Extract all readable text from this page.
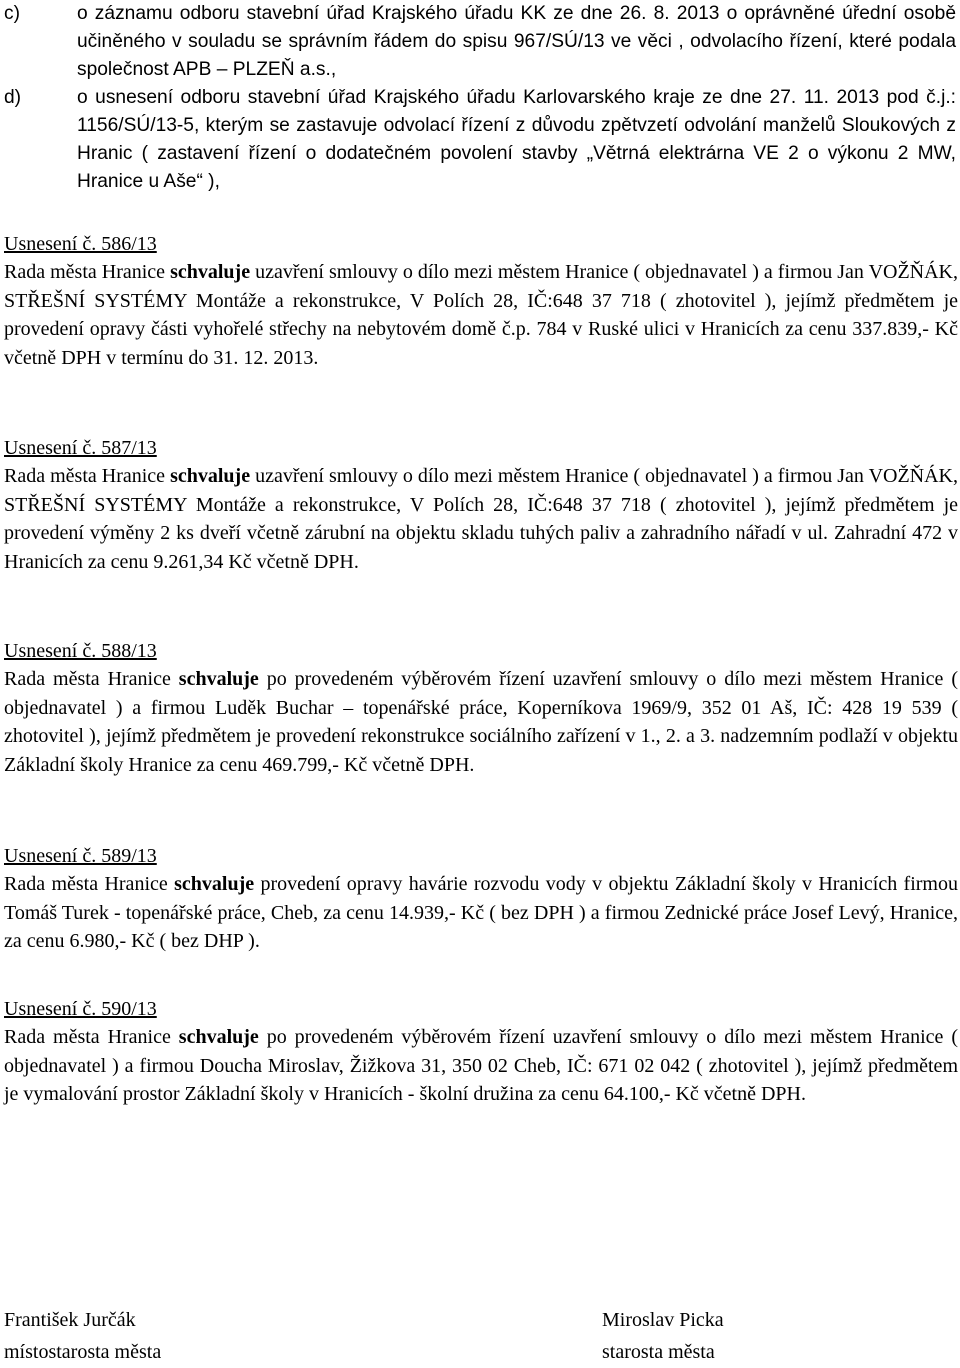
c)	o záznamu odboru stavební úřad Krajského úřadu KK ze dne 26. 8. 2013 o oprávněné úřední osobě učiněného v souladu se správním řádem do spisu 967/SÚ/13 ve věci , odvolacího řízení, které podala společnost APB – PLZEŇ a.s.,
d)	o usnesení odboru stavební úřad Krajského úřadu Karlovarského kraje ze dne 27. 11. 2013 pod č.j.: 1156/SÚ/13-5, kterým se zastavuje odvolací řízení z důvodu zpětvzetí odvolání manželů Sloukových z Hranic ( zastavení řízení o dodatečném povolení stavby „Větrná elektrárna VE 2 o výkonu 2 MW, Hranice u Aše“ ),
Usnesení č. 586/13
Rada města Hranice schvaluje uzavření smlouvy o dílo mezi městem Hranice ( objednavatel ) a firmou Jan VOŽŇÁK, STŘEŠNÍ SYSTÉMY Montáže a rekonstrukce, V Polích 28, IČ:648 37 718 ( zhotovitel ), jejímž předmětem je provedení opravy části vyhořelé střechy na nebytovém domě č.p. 784 v Ruské ulici v Hranicích za cenu 337.839,- Kč včetně DPH v termínu do 31. 12. 2013.
Usnesení č. 587/13
Rada města Hranice schvaluje uzavření smlouvy o dílo mezi městem Hranice ( objednavatel ) a firmou Jan VOŽŇÁK, STŘEŠNÍ SYSTÉMY Montáže a rekonstrukce, V Polích 28, IČ:648 37 718 ( zhotovitel ), jejímž předmětem je provedení výměny 2 ks dveří včetně zárubní na objektu skladu tuhých paliv a zahradního nářadí v ul. Zahradní 472 v Hranicích za cenu 9.261,34 Kč včetně DPH.
Usnesení č. 588/13
Rada města Hranice schvaluje po provedeném výběrovém řízení uzavření smlouvy o dílo mezi městem Hranice ( objednavatel ) a firmou Luděk Buchar – topenářské práce, Koperníkova 1969/9, 352 01 Aš, IČ: 428 19 539 ( zhotovitel ), jejímž předmětem je provedení rekonstrukce sociálního zařízení v 1., 2. a 3. nadzemním podlaží v objektu Základní školy Hranice za cenu 469.799,- Kč včetně DPH.
Usnesení č. 589/13
Rada města Hranice schvaluje provedení opravy havárie rozvodu vody v objektu Základní školy v Hranicích firmou Tomáš Turek - topenářské práce, Cheb, za cenu 14.939,- Kč ( bez DPH ) a firmou Zednické práce Josef Levý, Hranice, za cenu 6.980,- Kč ( bez DHP ).
Usnesení č. 590/13
Rada města Hranice schvaluje po provedeném výběrovém řízení uzavření smlouvy o dílo mezi městem Hranice ( objednavatel ) a firmou Doucha Miroslav, Žižkova 31, 350 02 Cheb, IČ: 671 02 042 ( zhotovitel ), jejímž předmětem je vymalování prostor Základní školy v Hranicích - školní družina za cenu 64.100,- Kč včetně DPH.
František Jurčák
místostarosta města
Miroslav Picka
starosta města
